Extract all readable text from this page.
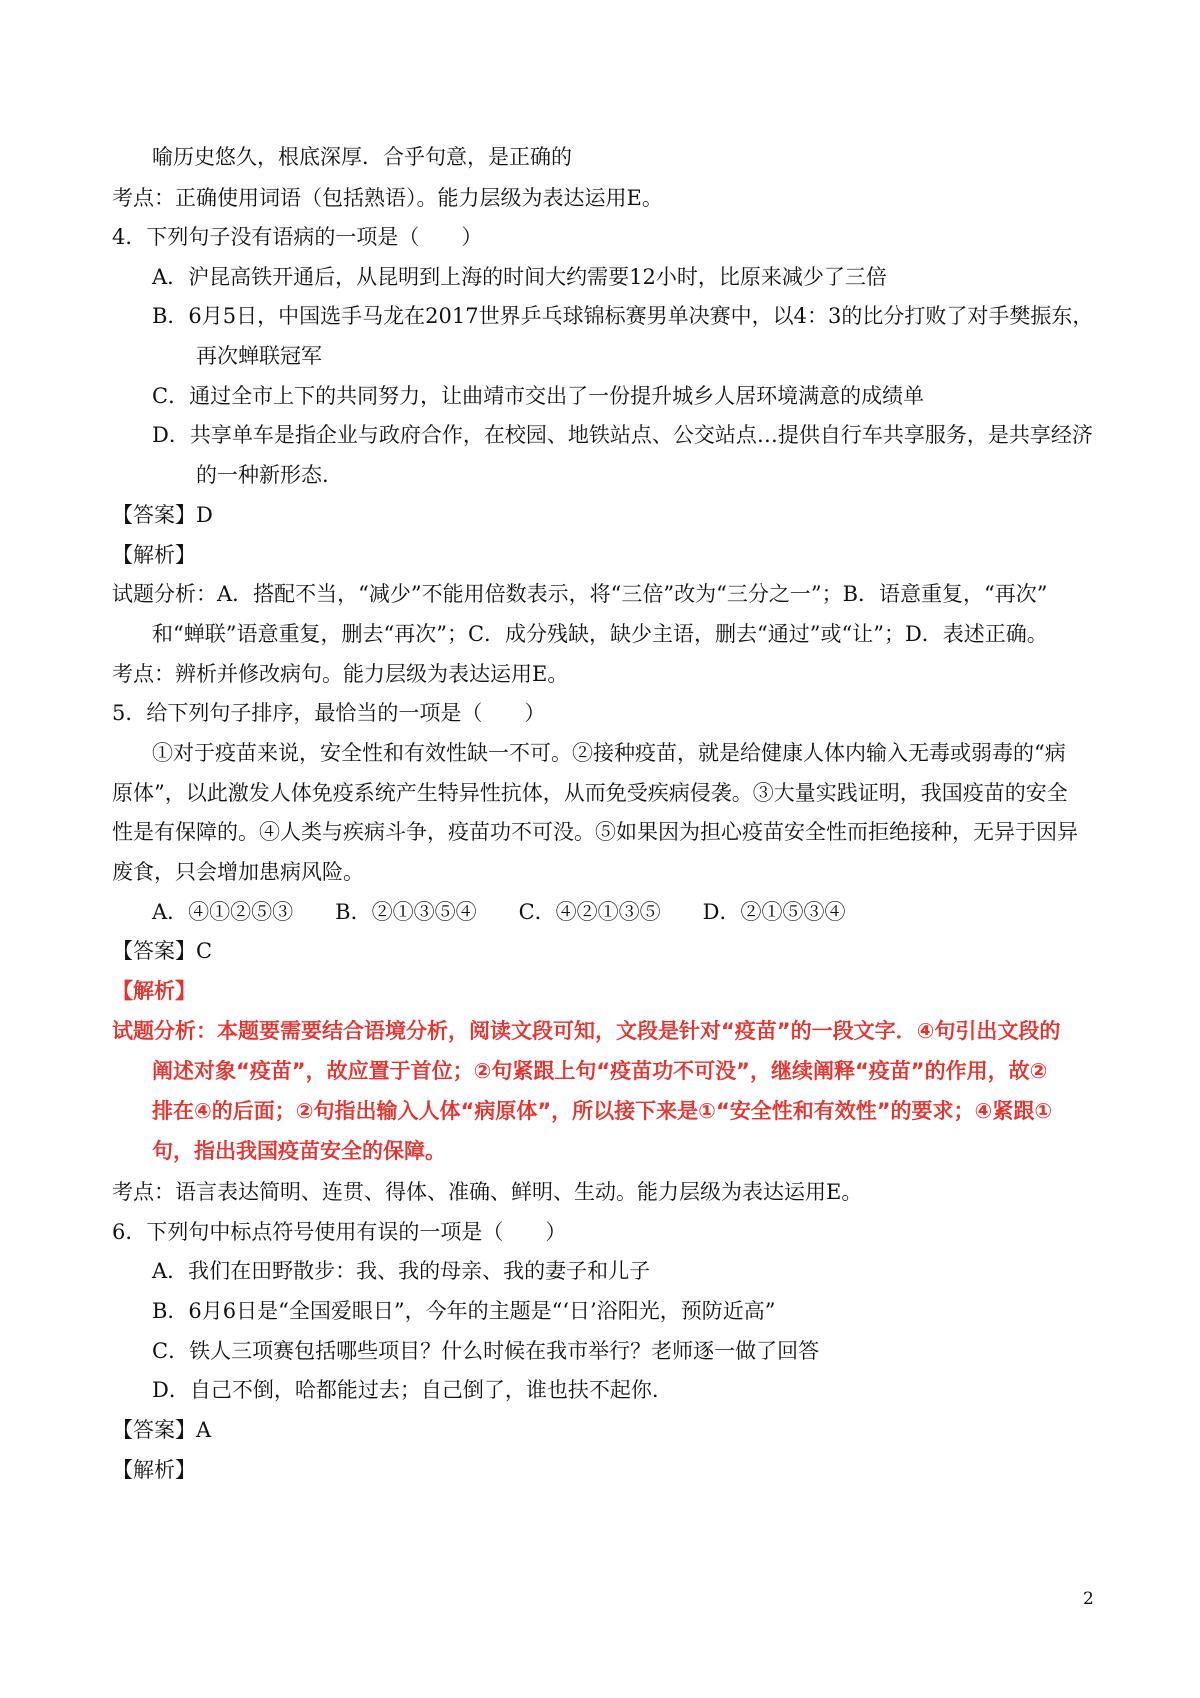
喻历史悠久，根底深厚．合乎句意，是正确的
考点：正确使用词语（包括熟语）。能力层级为表达运用E。
4．下列句子没有语病的一项是（　　）
A．沪昆高铁开通后，从昆明到上海的时间大约需要12小时，比原来减少了三倍
B．6月5日，中国选手马龙在2017世界乒乓球锦标赛男单决赛中，以4：3的比分打败了对手樊振东，
再次蝉联冠军
C．通过全市上下的共同努力，让曲靖市交出了一份提升城乡人居环境满意的成绩单
D．共享单车是指企业与政府合作，在校园、地铁站点、公交站点…提供自行车共享服务，是共享经济
的一种新形态.
【答案】D
【解析】
试题分析：A．搭配不当，“减少”不能用倍数表示，将“三倍”改为“三分之一”；B．语意重复，“再次”
和“蝉联”语意重复，删去“再次”；C．成分残缺，缺少主语，删去“通过”或“让”；D．表述正确。
考点：辨析并修改病句。能力层级为表达运用E。
5．给下列句子排序，最恰当的一项是（　　）
①对于疫苗来说，安全性和有效性缺一不可。②接种疫苗，就是给健康人体内输入无毒或弱毒的“病
原体”，以此激发人体免疫系统产生特异性抗体，从而免受疾病侵袭。③大量实践证明，我国疫苗的安全
性是有保障的。④人类与疾病斗争，疫苗功不可没。⑤如果因为担心疫苗安全性而拒绝接种，无异于因异
废食，只会增加患病风险。
A．④①②⑤③　　B．②①③⑤④　　C．④②①③⑤　　D．②①⑤③④
【答案】C
【解析】
试题分析：本题要需要结合语境分析，阅读文段可知，文段是针对“疫苗”的一段文字．④句引出文段的
阐述对象“疫苗”，故应置于首位；②句紧跟上句“疫苗功不可没”，继续阐释“疫苗”的作用，故②
排在④的后面；②句指出输入人体“病原体”，所以接下来是①“安全性和有效性”的要求；④紧跟①
句，指出我国疫苗安全的保障。
考点：语言表达简明、连贯、得体、准确、鲜明、生动。能力层级为表达运用E。
6．下列句中标点符号使用有误的一项是（　　）
A．我们在田野散步：我、我的母亲、我的妻子和儿子
B．6月6日是“全国爱眼日”，今年的主题是“‘日’浴阳光，预防近高”
C．铁人三项赛包括哪些项目？什么时候在我市举行？老师逐一做了回答
D．自己不倒，哈都能过去；自己倒了，谁也扶不起你.
【答案】A
【解析】
2
